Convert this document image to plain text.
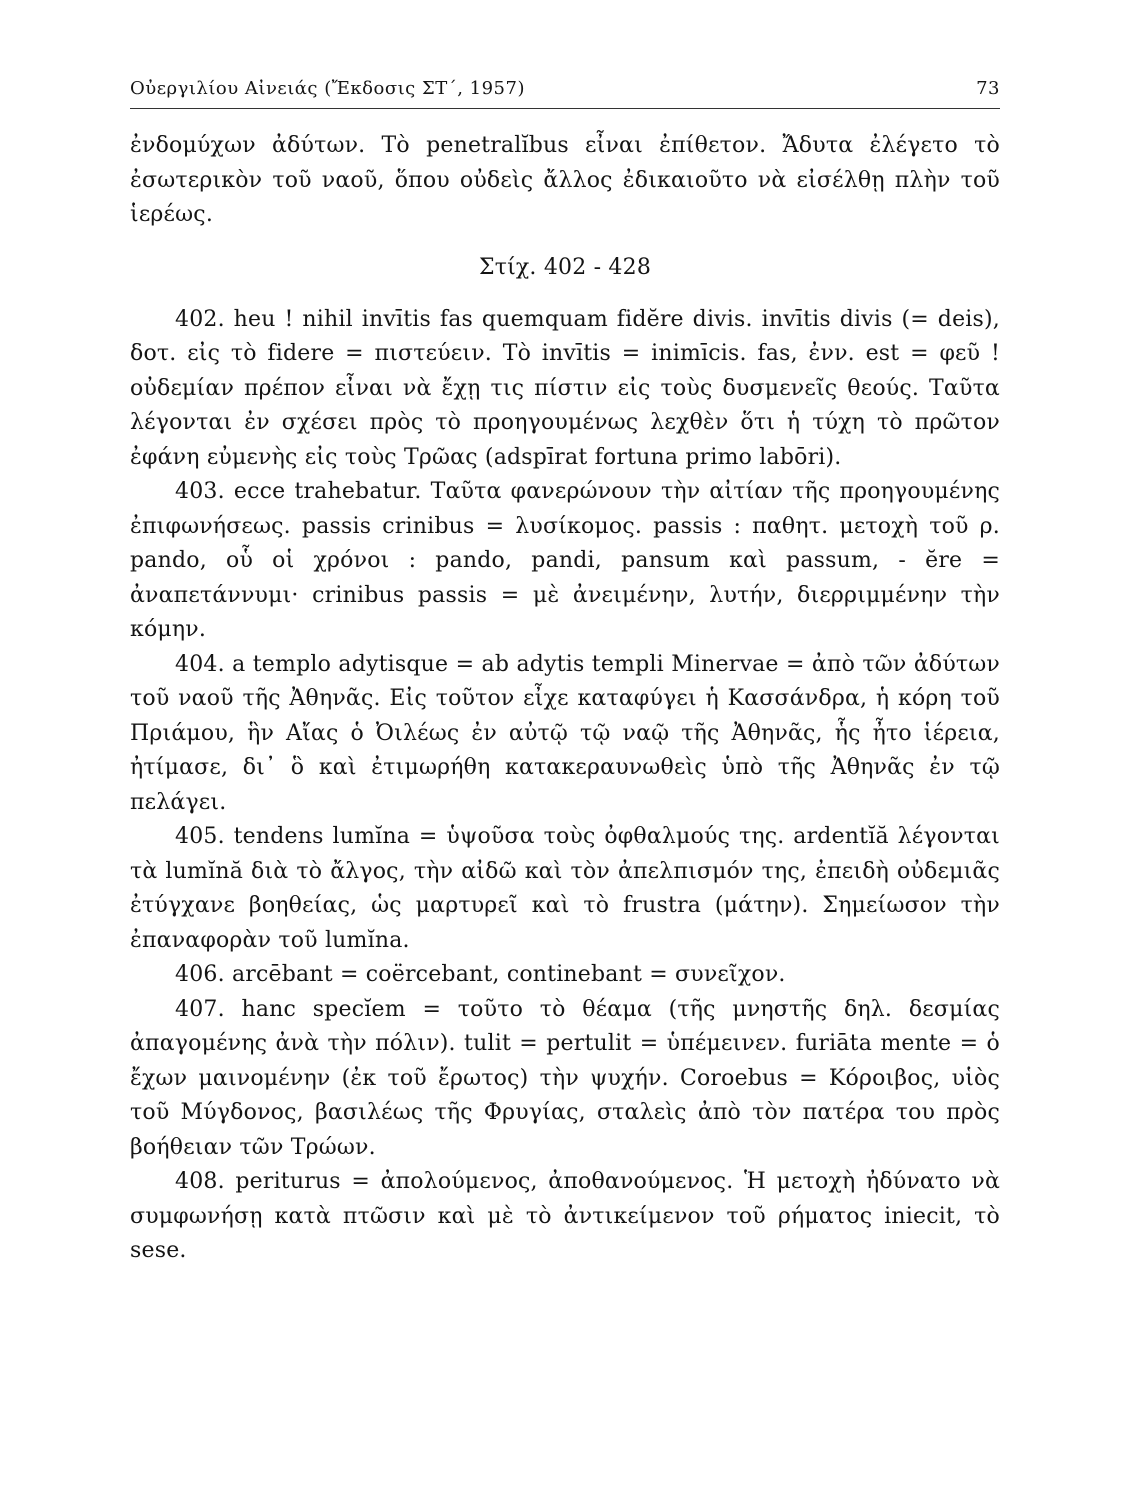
Οὐεργιλίου Αἰνειάς (Ἔκδοσις ΣΤ΄, 1957)	73

ἐνδομύχων ἀδύτων. Τὸ penetralĭbus εἶναι ἐπίθετον. Ἄδυτα ἐλέγετο τὸ ἐσωτερικὸν τοῦ ναοῦ, ὅπου οὐδεὶς ἄλλος ἐδικαιοῦτο νὰ εἰσέλθῃ πλὴν τοῦ ἱερέως.

Στίχ. 402 - 428

402. heu ! nihil invītis fas quemquam fidĕre divis. invītis divis (= deis), δοτ. εἰς τὸ fidere = πιστεύειν. Τὸ invītis = inimīcis. fas, ἐνν. est = φεῦ ! οὐδεμίαν πρέπον εἶναι νὰ ἔχῃ τις πίστιν εἰς τοὺς δυσμενεῖς θεούς. Ταῦτα λέγονται ἐν σχέσει πρὸς τὸ προηγουμένως λεχθὲν ὅτι ἡ τύχη τὸ πρῶτον ἐφάνη εὐμενὴς εἰς τοὺς Τρῶας (adspīrat fortuna primo labōri).

403. ecce trahebatur. Ταῦτα φανερώνουν τὴν αἰτίαν τῆς προηγουμένης ἐπιφωνήσεως. passis crinibus = λυσίκομος. passis : παθητ. μετοχὴ τοῦ ρ. pando, οὗ οἱ χρόνοι : pando, pandi, pansum καὶ passum, - ĕre = ἀναπετάννυμι· crinibus passis = μὲ ἀνειμένην, λυτήν, διερριμμένην τὴν κόμην.

404. a templo adytisque = ab adytis templi Minervae = ἀπὸ τῶν ἀδύτων τοῦ ναοῦ τῆς Ἀθηνᾶς. Εἰς τοῦτον εἶχε καταφύγει ἡ Κασσάνδρα, ἡ κόρη τοῦ Πριάμου, ἣν Αἴας ὁ Ὀιλέως ἐν αὐτῷ τῷ ναῷ τῆς Ἀθηνᾶς, ἧς ἦτο ἱέρεια, ἠτίμασε, δι᾽ ὃ καὶ ἐτιμωρήθη κατακεραυνωθεὶς ὑπὸ τῆς Ἀθηνᾶς ἐν τῷ πελάγει.

405. tendens lumĭna = ὑψοῦσα τοὺς ὀφθαλμούς της. ardentĭă λέγονται τὰ lumĭnă διὰ τὸ ἄλγος, τὴν αἰδῶ καὶ τὸν ἀπελπισμόν της, ἐπειδὴ οὐδεμιᾶς ἐτύγχανε βοηθείας, ὡς μαρτυρεῖ καὶ τὸ frustra (μάτην). Σημείωσον τὴν ἐπαναφορὰν τοῦ lumĭna.

406. arcēbant = coërcebant, continebant = συνεῖχον.

407. hanc specĭem = τοῦτο τὸ θέαμα (τῆς μνηστῆς δηλ. δεσμίας ἀπαγομένης ἀνὰ τὴν πόλιν). tulit = pertulit = ὑπέμεινεν. furiāta mente = ὁ ἔχων μαινομένην (ἐκ τοῦ ἔρωτος) τὴν ψυχήν. Coroebus = Κόροιβος, υἱὸς τοῦ Μύγδονος, βασιλέως τῆς Φρυγίας, σταλεὶς ἀπὸ τὸν πατέρα του πρὸς βοήθειαν τῶν Τρώων.

408. periturus = ἀπολούμενος, ἀποθανούμενος. Ἡ μετοχὴ ἠδύνατο νὰ συμφωνήσῃ κατὰ πτῶσιν καὶ μὲ τὸ ἀντικείμενον τοῦ ρήματος iniecit, τὸ sese.
